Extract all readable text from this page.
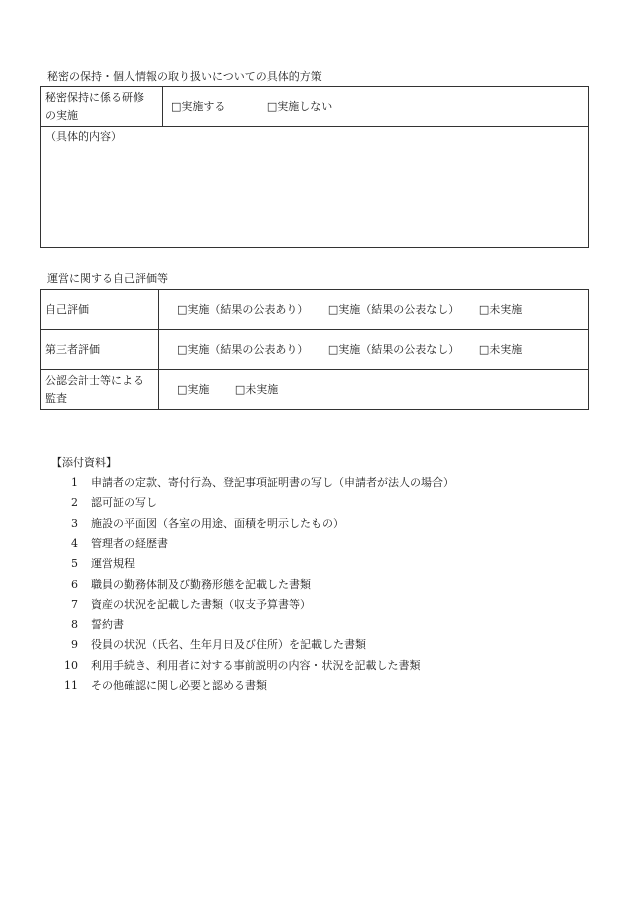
秘密の保持・個人情報の取り扱いについての具体的方策
秘密保持に係る研修
の実施
	□実施する	□実施しない
（具体的内容）
運営に関する自己評価等
自己評価	□実施（結果の公表あり） □実施（結果の公表なし） □未実施

第三者評価	□実施（結果の公表あり） □実施（結果の公表なし） □未実施

公認会計士等による
監査	□実施 □未実施
【添付資料】
1	申請者の定款、寄付行為、登記事項証明書の写し（申請者が法人の場合）
2	認可証の写し
3	施設の平面図（各室の用途、面積を明示したもの）
4	管理者の経歴書
5	運営規程
6	職員の勤務体制及び勤務形態を記載した書類
7	資産の状況を記載した書類（収支予算書等）
8	誓約書
9	役員の状況（氏名、生年月日及び住所）を記載した書類
10	利用手続き、利用者に対する事前説明の内容・状況を記載した書類
11	その他確認に関し必要と認める書類
